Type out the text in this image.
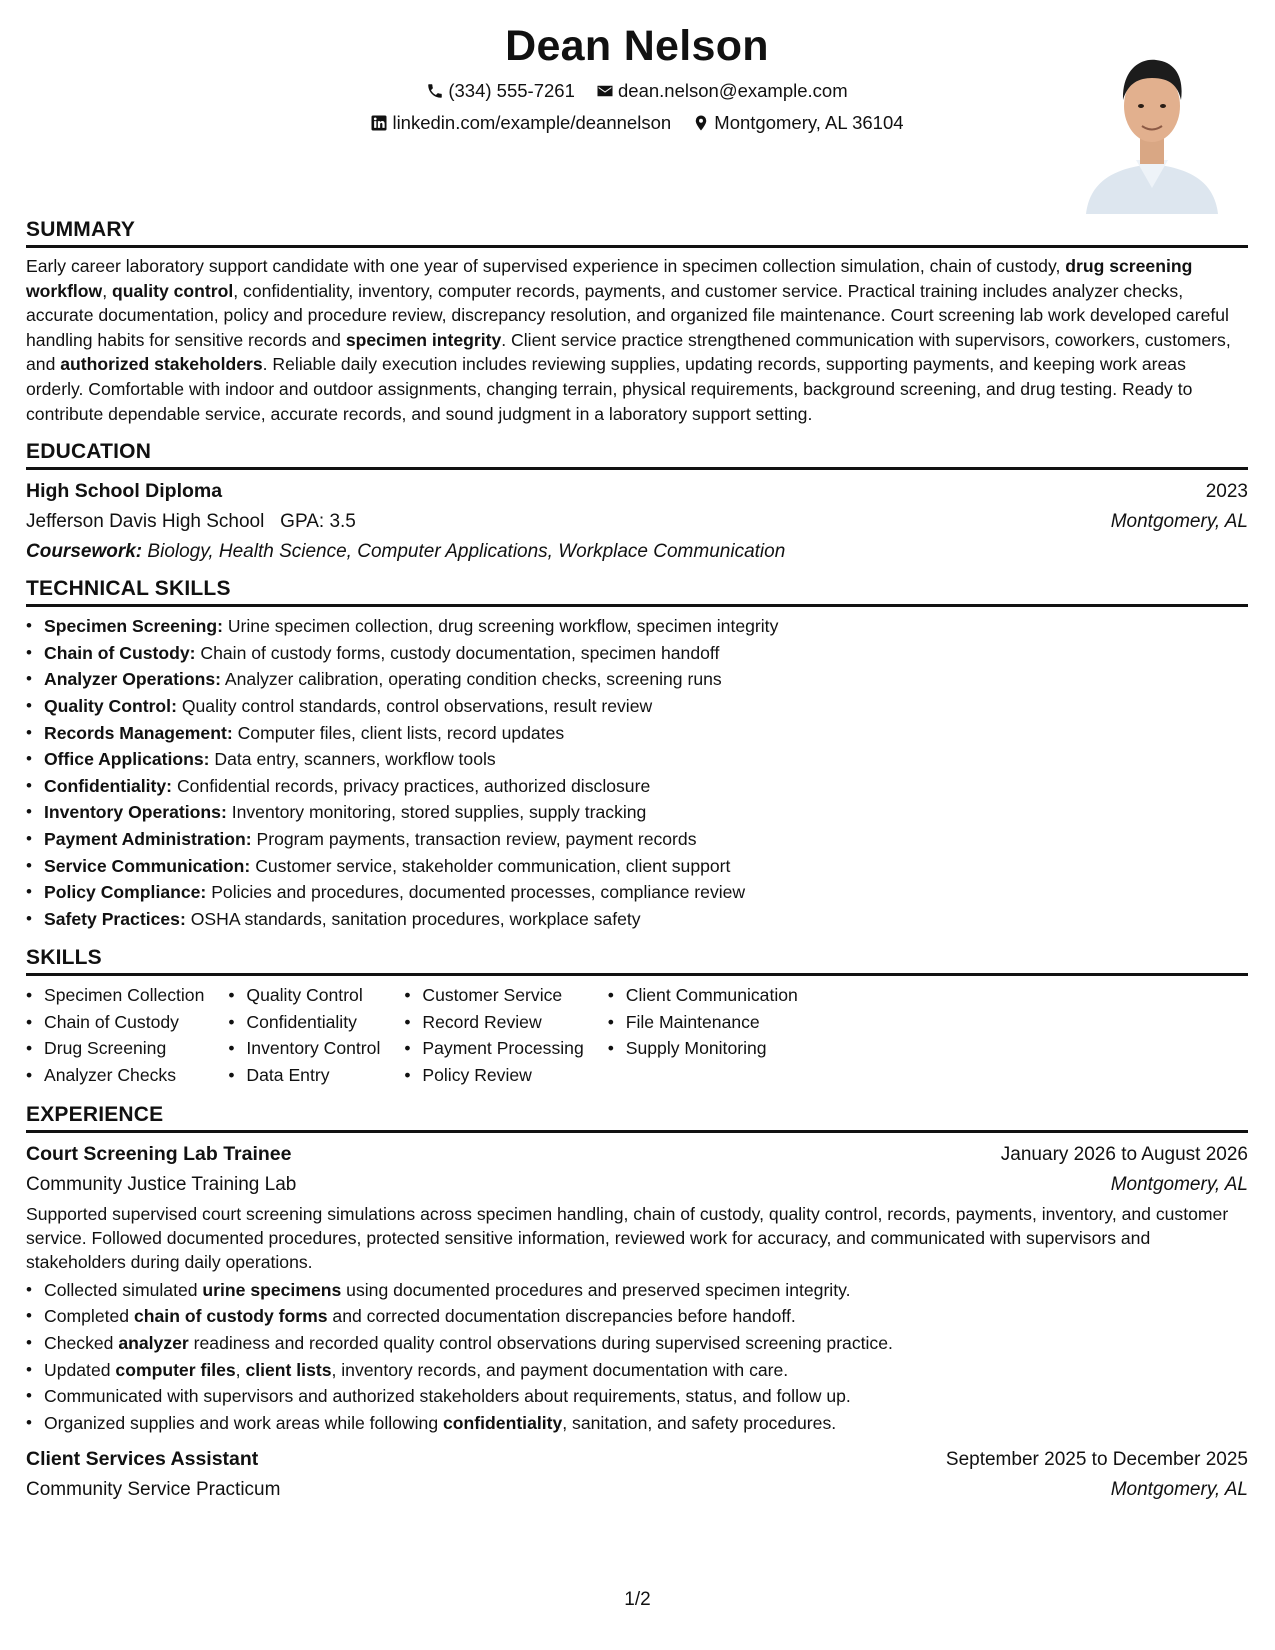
Dean Nelson
(334) 555-7261
dean.nelson@example.com
linkedin.com/example/deannelson
Montgomery, AL 36104
SUMMARY

Early career laboratory support candidate with one year of supervised experience in specimen collection simulation, chain of custody, drug screening workflow, quality control, confidentiality, inventory, computer records, payments, and customer service. Practical training includes analyzer checks, accurate documentation, policy and procedure review, discrepancy resolution, and organized file maintenance. Court screening lab work developed careful handling habits for sensitive records and specimen integrity. Client service practice strengthened communication with supervisors, coworkers, customers, and authorized stakeholders. Reliable daily execution includes reviewing supplies, updating records, supporting payments, and keeping work areas orderly. Comfortable with indoor and outdoor assignments, changing terrain, physical requirements, background screening, and drug testing. Ready to contribute dependable service, accurate records, and sound judgment in a laboratory support setting.

EDUCATION
High School Diploma	2023
Jefferson Davis High School GPA: 3.5	Montgomery, AL
Coursework: Biology, Health Science, Computer Applications, Workplace Communication
TECHNICAL SKILLS
• Specimen Screening: Urine specimen collection, drug screening workflow, specimen integrity
• Chain of Custody: Chain of custody forms, custody documentation, specimen handoff
• Analyzer Operations: Analyzer calibration, operating condition checks, screening runs
• Quality Control: Quality control standards, control observations, result review
• Records Management: Computer files, client lists, record updates
• Office Applications: Data entry, scanners, workflow tools
• Confidentiality: Confidential records, privacy practices, authorized disclosure
• Inventory Operations: Inventory monitoring, stored supplies, supply tracking
• Payment Administration: Program payments, transaction review, payment records
• Service Communication: Customer service, stakeholder communication, client support
• Policy Compliance: Policies and procedures, documented processes, compliance review
• Safety Practices: OSHA standards, sanitation procedures, workplace safety
SKILLS
• Specimen Collection
• Chain of Custody
• Drug Screening
• Analyzer Checks
• Quality Control
• Confidentiality
• Inventory Control
• Data Entry
• Customer Service
• Record Review
• Payment Processing
• Policy Review
• Client Communication
• File Maintenance
• Supply Monitoring
EXPERIENCE
Court Screening Lab Trainee	January 2026 to August 2026
Community Justice Training Lab	Montgomery, AL

Supported supervised court screening simulations across specimen handling, chain of custody, quality control, records, payments, inventory, and customer service. Followed documented procedures, protected sensitive information, reviewed work for accuracy, and communicated with supervisors and stakeholders during daily operations.

• Collected simulated urine specimens using documented procedures and preserved specimen integrity.
• Completed chain of custody forms and corrected documentation discrepancies before handoff.
• Checked analyzer readiness and recorded quality control observations during supervised screening practice.
• Updated computer files, client lists, inventory records, and payment documentation with care.
• Communicated with supervisors and authorized stakeholders about requirements, status, and follow up.
• Organized supplies and work areas while following confidentiality, sanitation, and safety procedures.
Client Services Assistant	September 2025 to December 2025
Community Service Practicum	Montgomery, AL
1/2
